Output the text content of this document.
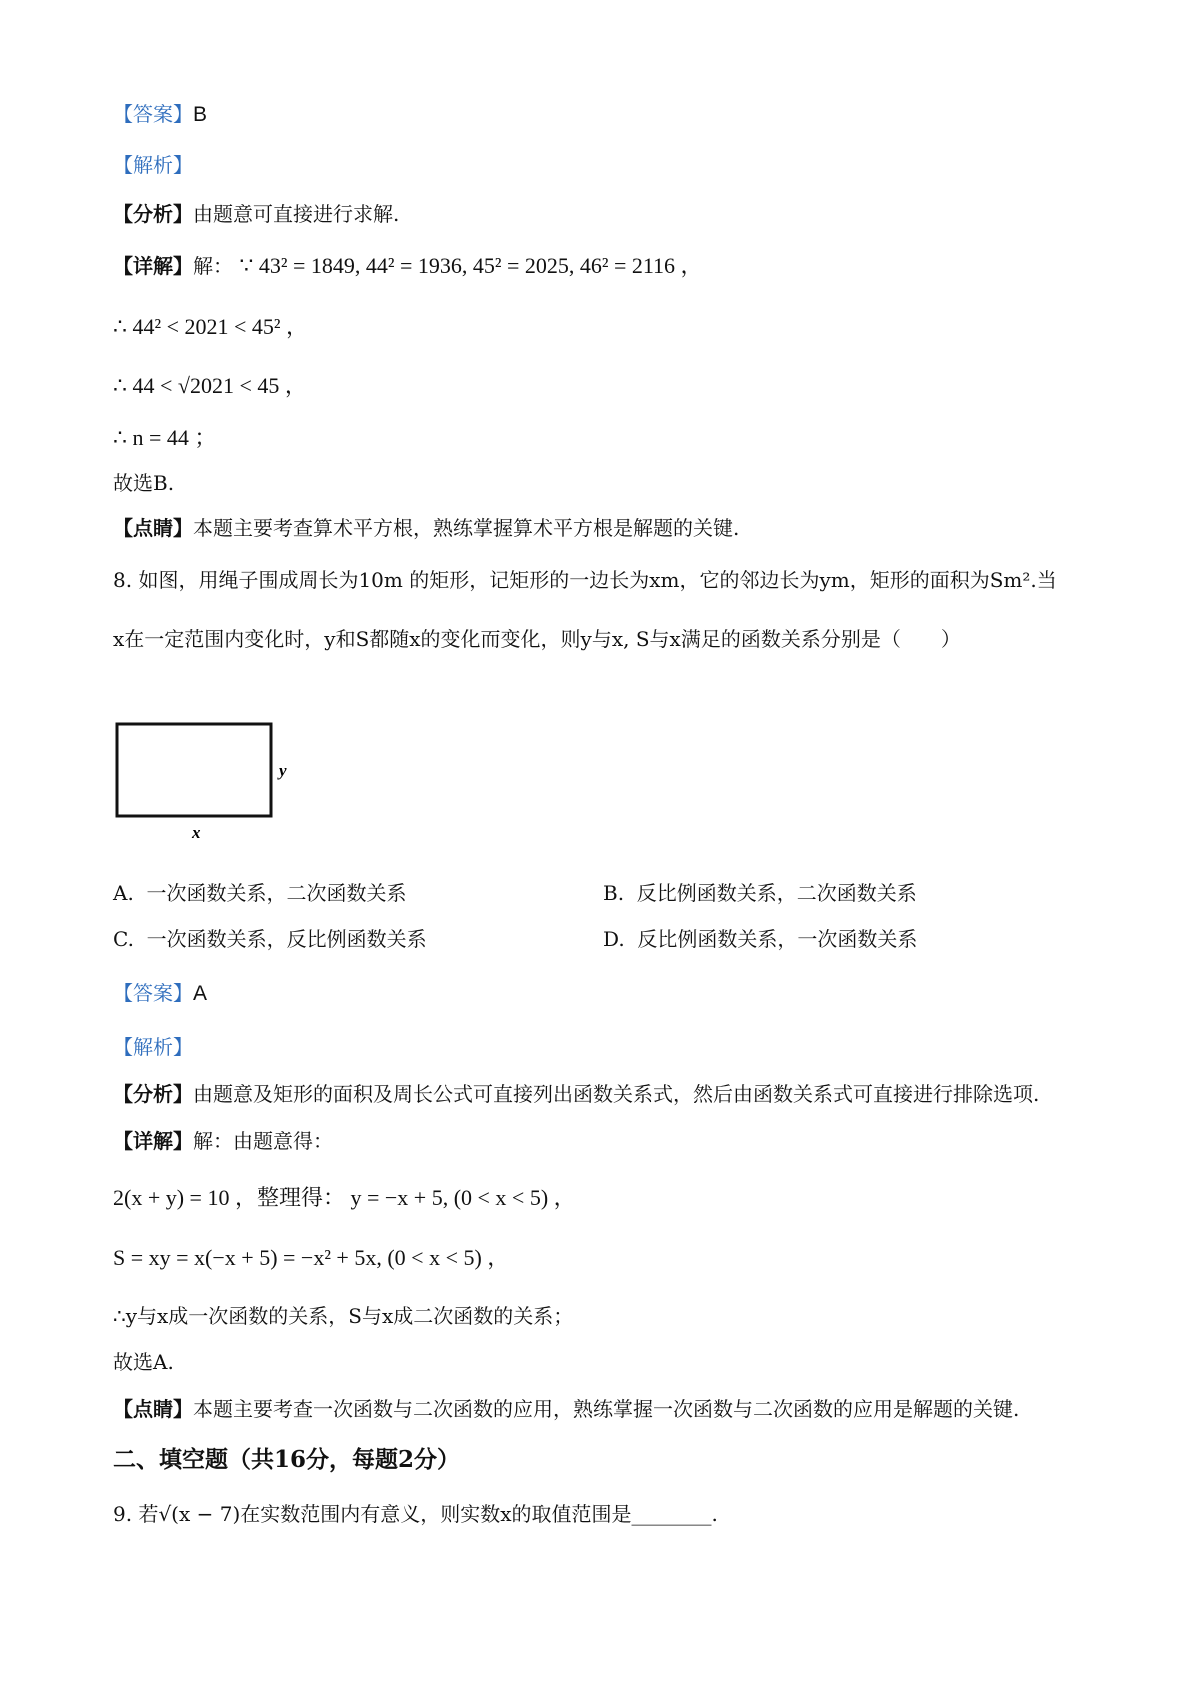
【答案】B
【解析】
【分析】由题意可直接进行求解.
【详解】解： ∵ 43² = 1849, 44² = 1936, 45² = 2025, 46² = 2116 ，
∴ 44² < 2021 < 45² ，
∴ 44 < √2021 < 45 ，
∴ n = 44 ；
故选B.
【点睛】本题主要考查算术平方根，熟练掌握算术平方根是解题的关键.
8. 如图，用绳子围成周长为10m 的矩形，记矩形的一边长为xm，它的邻边长为ym，矩形的面积为Sm².当
x在一定范围内变化时，y和S都随x的变化而变化，则y与x, S与x满足的函数关系分别是（　　）
x
y
A. 一次函数关系，二次函数关系	B. 反比例函数关系，二次函数关系
C. 一次函数关系，反比例函数关系	D. 反比例函数关系，一次函数关系
【答案】A
【解析】
【分析】由题意及矩形的面积及周长公式可直接列出函数关系式，然后由函数关系式可直接进行排除选项.
【详解】解：由题意得：
2(x + y) = 10 ，整理得： y = −x + 5, (0 < x < 5) ，
S = xy = x(−x + 5) = −x² + 5x, (0 < x < 5) ，
∴y与x成一次函数的关系，S与x成二次函数的关系；
故选A.
【点睛】本题主要考查一次函数与二次函数的应用，熟练掌握一次函数与二次函数的应用是解题的关键.
二、填空题（共16分，每题2分）
9. 若√(x − 7)在实数范围内有意义，则实数x的取值范围是________.
